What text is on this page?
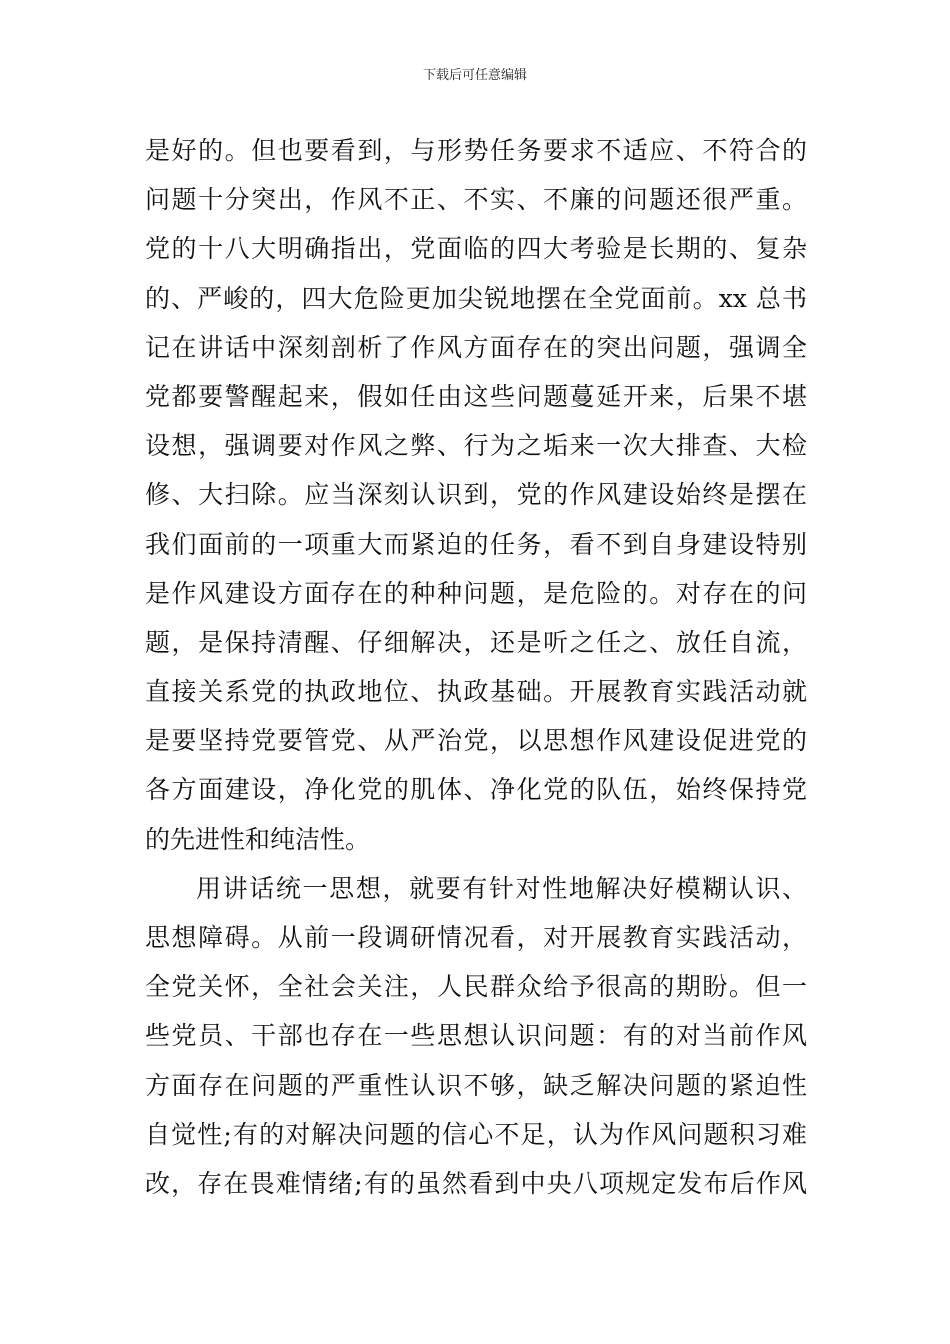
下载后可任意编辑
是好的。但也要看到，与形势任务要求不适应、不符合的
问题十分突出，作风不正、不实、不廉的问题还很严重。
党的十八大明确指出，党面临的四大考验是长期的、复杂
的、严峻的，四大危险更加尖锐地摆在全党面前。xx 总书
记在讲话中深刻剖析了作风方面存在的突出问题，强调全
党都要警醒起来，假如任由这些问题蔓延开来，后果不堪
设想，强调要对作风之弊、行为之垢来一次大排查、大检
修、大扫除。应当深刻认识到，党的作风建设始终是摆在
我们面前的一项重大而紧迫的任务，看不到自身建设特别
是作风建设方面存在的种种问题，是危险的。对存在的问
题，是保持清醒、仔细解决，还是听之任之、放任自流，
直接关系党的执政地位、执政基础。开展教育实践活动就
是要坚持党要管党、从严治党，以思想作风建设促进党的
各方面建设，净化党的肌体、净化党的队伍，始终保持党
的先进性和纯洁性。
用讲话统一思想，就要有针对性地解决好模糊认识、
思想障碍。从前一段调研情况看，对开展教育实践活动，
全党关怀，全社会关注，人民群众给予很高的期盼。但一
些党员、干部也存在一些思想认识问题：有的对当前作风
方面存在问题的严重性认识不够，缺乏解决问题的紧迫性
自觉性;有的对解决问题的信心不足，认为作风问题积习难
改，存在畏难情绪;有的虽然看到中央八项规定发布后作风
